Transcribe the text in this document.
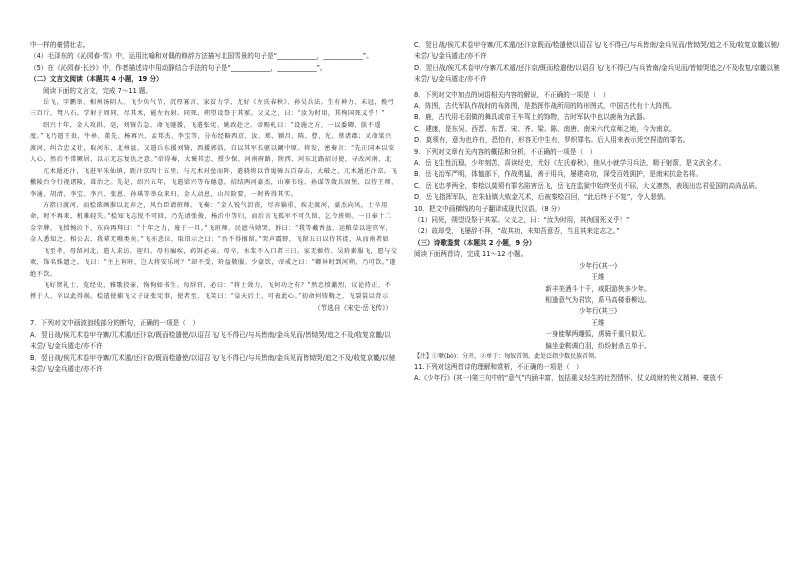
中一样的豪情壮志。

（4）毛泽东的《沁园春·雪》中，运用比喻和对偶的修辞方法描写北国雪景的句子是“____________，____________”。

（5）在《沁园春·长沙》中，作者描述诗中用动静结合手法的句子是“____________，____________”。

（二）文言文阅读（本题共 4 小题，19 分）

阅读下面的文言文，完成 7～11 题。

岳飞，字鹏举，相州汤阴人。飞少负气节，沉厚寡言，家贫力学，尤好《左氏春秋》、孙吴兵法。生有神力，未冠，挽弓三百斤，弩八石。学射于周同，尽其术，能左右射。同死，朔望设祭于其冢。父义之，曰：“汝为时用，其徇国死义乎！”

绍兴十年，金人攻拱、亳，刘锜告急，命飞驰援，飞遣张宪、姚政赴之。帝赐札曰：“设施之方，一以委卿，朕不遥度。”飞乃遣王贵、牛皋、董先、杨再兴、孟邦杰、李宝等，分布经略西京、汝、郑、颍昌、陈、曹、光、蔡诸郡；又命梁兴渡河，纠合忠义社，取河东、北州县。又遣兵东援刘锜，西援郭浩，自以其军长驱以阚中原。将发，密奏言：“先正国本以安人心，然后不常厥居，以示无忘复仇之意。”帝得奏，大褒其忠，授少保，河南府路、陕西、河东北路招讨使，寻改河南、北

兀术遁还汴，飞进军朱仙镇，距汴京四十五里，与兀术对垒而阵，遣骁将以背嵬骑五百奋击，大破之，兀术遁还汴京。飞檄陵台令行视诸陵，葺治之。先是，绍兴五年，飞遣梁兴等布德意，招结两河豪杰，山寨韦铨、孙谋等敛兵固堡，以待王师，李通、胡清、李宝、李兴、张恩、孙琪等举众来归。金人动息，山川险要，一时皆得其实。

方指日渡河，而桧欲画淮以北弃之，风台臣请班师。飞奏：“金人锐气沮丧，尽弃辎重，疾走渡河，豪杰向风，士卒用命，时不再来，机难轻失。”桧知飞志锐不可回，乃先请张俊、杨沂中等归，而后言飞孤军不可久留，乞令班师。一日奉十二金字牌，飞愤惋泣下，东向再拜曰：“十年之力，废于一旦。”飞班师，民遮马恸哭，诉曰：“我等戴香盆、运粮草以迎官军，金人悉知之。相公去，我辈无噍类矣。”飞亦悲泣，取诏示之曰：“吾不得擅留。”哭声震野，飞留五日以待其徙，从而南者如

飞至孝，母留河北，遣人求访，迎归。母有痼疾，药饵必亲。母卒，水浆不入口者三日。家无姬侍。吴玠素服飞，愿与交欢，饰名姝遗之。飞曰：“主上宵旰，岂大将安乐时？”却不受，玠益敬服。少豪饮，帝戒之曰：“卿异时到河朔，乃可饮。”遂绝不饮。

飞好贤礼士，览经史，雅歌投壶，恂恂如书生。每辞官，必曰：“将士效力，飞何功之有？”然忠愤激烈，议论持正，不挫于人，卒以此得祸。桧遣使捕飞父子证张宪事，使者至，飞笑曰：“皇天后土，可表此心。”初命何铸鞫之，飞裂裳以背示

（节选自《宋史·岳飞传》）

7．下列对文中画波浪线部分的断句，正确的一项是（　）

A．翌日战/俟兀术卷甲夺寨/兀术遁/还汴京/既而桧遣使/以诏召飞/飞不得已/与兵皆南/金兵见而/皆恸哭/追之不及/收复京畿/以

未尝/飞/金兵遁走/亦不许

B．翌日战/俟兀术卷甲夺寨/兀术遁/还汴京/既而桧遣使/以诏召飞/飞不得已/与兵皆南/金兵见而皆恸哭/追之不及/收复京畿/以驰

未尝/飞/金兵遁走/亦不许

C．翌日战/俟兀术卷甲夺寨/兀术遁/还汴京既而/桧遣使以诏召飞/飞不得已/与兵皆南/金兵见而/皆恸哭/追之不及/收复京畿以驰/

未尝/飞/金兵遁走/亦不许

D．翌日战/俟兀术卷甲/夺寨兀术遁/还汴京/既而桧遣使/以诏召飞/飞不得已/与兵皆南/金兵见而/皆恸哭追之/不及收复/京畿以驰

未尝/飞/金兵遁走/亦不许

8．下列对文中加点的词语相关内容的解说，不正确的一项是（　）

A．阵图，古代军队作战时的布阵图，是指挥作战所用的阵形图式，中国古代有十大阵图。

B．鹿，古代用毛羽做的舞具或帝王车驾上的饰物，古时军队中也以鹿角为武器。

C．建康，是东吴、西晋、东晋、宋、齐、梁、陈、南唐、南宋六代京师之地，今为南京。

D．莫须有，意为也许有，恐怕有，形容无中生有，罗织罪名。后人用来表示凭空捏造的罪名。

9．下列对文章有关内容的概括和分析，不正确的一项是（　）

A．岳飞生性沉稳，少年刻苦，喜读经史，尤好《左氏春秋》，他从小就学习兵法，精于射箭，是文武全才。

B．岳飞治军严明，体恤部下，作战勇猛，善于用兵，屡建奇功，深受百姓拥护，是南宋抗金名将。

C．岳飞忠孝两全，秦桧以莫须有罪名陷害岳飞，岳飞在监狱中始终坚贞不屈，大义凛然，表现出忠君爱国的高尚品质。

D．岳飞指挥军队，在朱仙镇大败金兀术，后被秦桧召回，“此后终于不复”，令人悲愤。

10．把文中画横线的句子翻译成现代汉语。（8 分）

（1）同死，朔望设祭于其冢。父义之，曰：“汝为时用，其徇国死义乎！”

（2）故却受，飞屡辞不拜，“故其功，未知吾意否，当且其来定志之。”

（三）诗歌鉴赏（本题共 2 小题，9 分）

阅读下面两首诗，完成 11～12 小题。

少年行(其一)

王维

新丰美酒斗十千，咸阳游侠多少年。

相逢意气为君饮，系马高楼垂柳边。

少年行(其三)

王维

一身能擘两雕弧，虏骑千重只似无。

偏坐金鞍调白羽，纷纷射杀五单于。

【注】①擘(bò)：分开，②单于：匈奴首领。此处泛指少数民族首领。

11.下列对这两首诗的理解和赏析，不正确的一项是（　）

A.《少年行》(其一)第三句中的“意气”内涵丰富，包括重义轻生的壮烈情怀、仗义疏财的侠义精神、豪放不
